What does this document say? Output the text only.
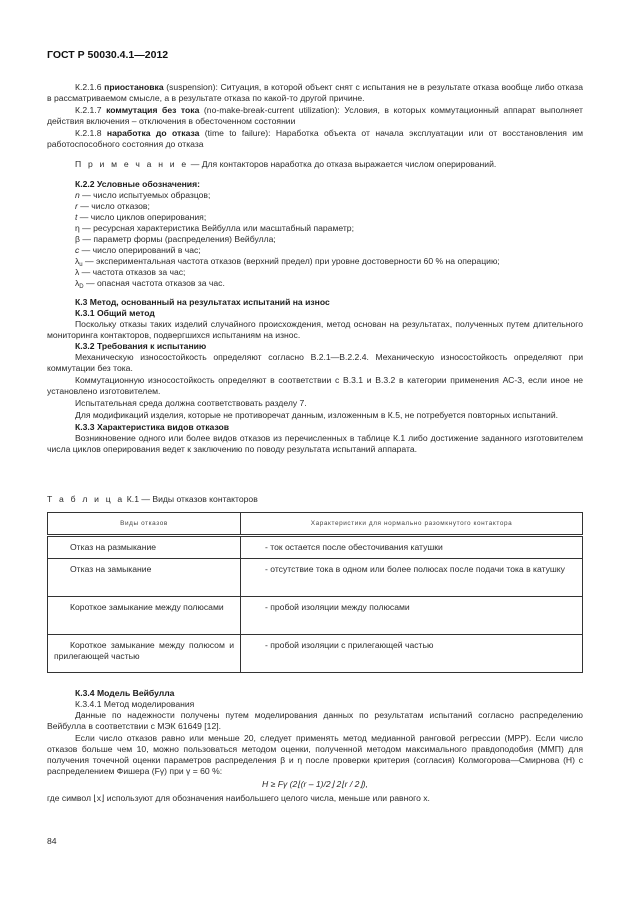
ГОСТ Р 50030.4.1—2012

К.2.1.6 приостановка (suspension): Ситуация, в которой объект снят с испытания не в результате отказа вообще либо отказа в рассматриваемом смысле, а в результате отказа по какой-то другой причине.

К.2.1.7 коммутация без тока (no-make-break-current utilization): Условия, в которых коммутационный аппарат выполняет действия включения – отключения в обесточенном состоянии

К.2.1.8 наработка до отказа (time to failure): Наработка объекта от начала эксплуатации или от восстановления им работоспособного состояния до отказа

П р и м е ч а н и е — Для контакторов наработка до отказа выражается числом оперирований.

К.2.2 Условные обозначения:
n — число испытуемых образцов;
r — число отказов;
t — число циклов оперирования;
η — ресурсная характеристика Вейбулла или масштабный параметр;
β — параметр формы (распределения) Вейбулла;
c — число оперирований в час;
$\lambda_u$ — экспериментальная частота отказов (верхний предел) при уровне достоверности 60 % на операцию;
λ — частота отказов за час;
$\lambda_D$ — опасная частота отказов за час.
К.3 Метод, основанный на результатах испытаний на износ
К.3.1 Общий метод

Поскольку отказы таких изделий случайного происхождения, метод основан на результатах, полученных путем длительного мониторинга контакторов, подвергшихся испытаниям на износ.

К.3.2 Требования к испытанию

Механическую износостойкость определяют согласно В.2.1—В.2.2.4. Механическую износостойкость определяют при коммутации без тока.

Коммутационную износостойкость определяют в соответствии с В.3.1 и В.3.2 в категории применения АС-3, если иное не установлено изготовителем.

Испытательная среда должна соответствовать разделу 7.

Для модификаций изделия, которые не противоречат данным, изложенным в К.5, не потребуется повторных испытаний.

К.3.3 Характеристика видов отказов

Возникновение одного или более видов отказов из перечисленных в таблице К.1 либо достижение заданного изготовителем числа циклов оперирования ведет к заключению по поводу результата испытаний аппарата.

Т а б л и ц а К.1 — Виды отказов контакторов
Виды отказов	Характеристики для нормально разомкнутого контактора

Отказ на размыкание	- ток остается после обесточивания катушки

Отказ на замыкание	- отсутствие тока в одном или более полюсах после подачи тока в катушку

Короткое замыкание между полюсами	- пробой изоляции между полюсами

Короткое замыкание между полюсом и прилегающей частью	- пробой изоляции с прилегающей частью
К.3.4 Модель Вейбулла
К.3.4.1 Метод моделирования

Данные по надежности получены путем моделирования данных по результатам испытаний согласно распределению Вейбулла в соответствии с МЭК 61649 [12].

Если число отказов равно или меньше 20, следует применять метод медианной ранговой регрессии (МРР). Если число отказов больше чем 10, можно пользоваться методом оценки, полученной методом максимального правдоподобия (ММП) для получения точечной оценки параметров распределения β и η после проверки критерия (согласия) Колмогорова—Смирнова (H) с распределением Фишера (Fγ) при γ = 60 %:

H ≥ Fγ (2⌊(r – 1)/2⌋ 2⌊r / 2⌋),

где символ ⌊x⌋ используют для обозначения наибольшего целого числа, меньше или равного x.

84
